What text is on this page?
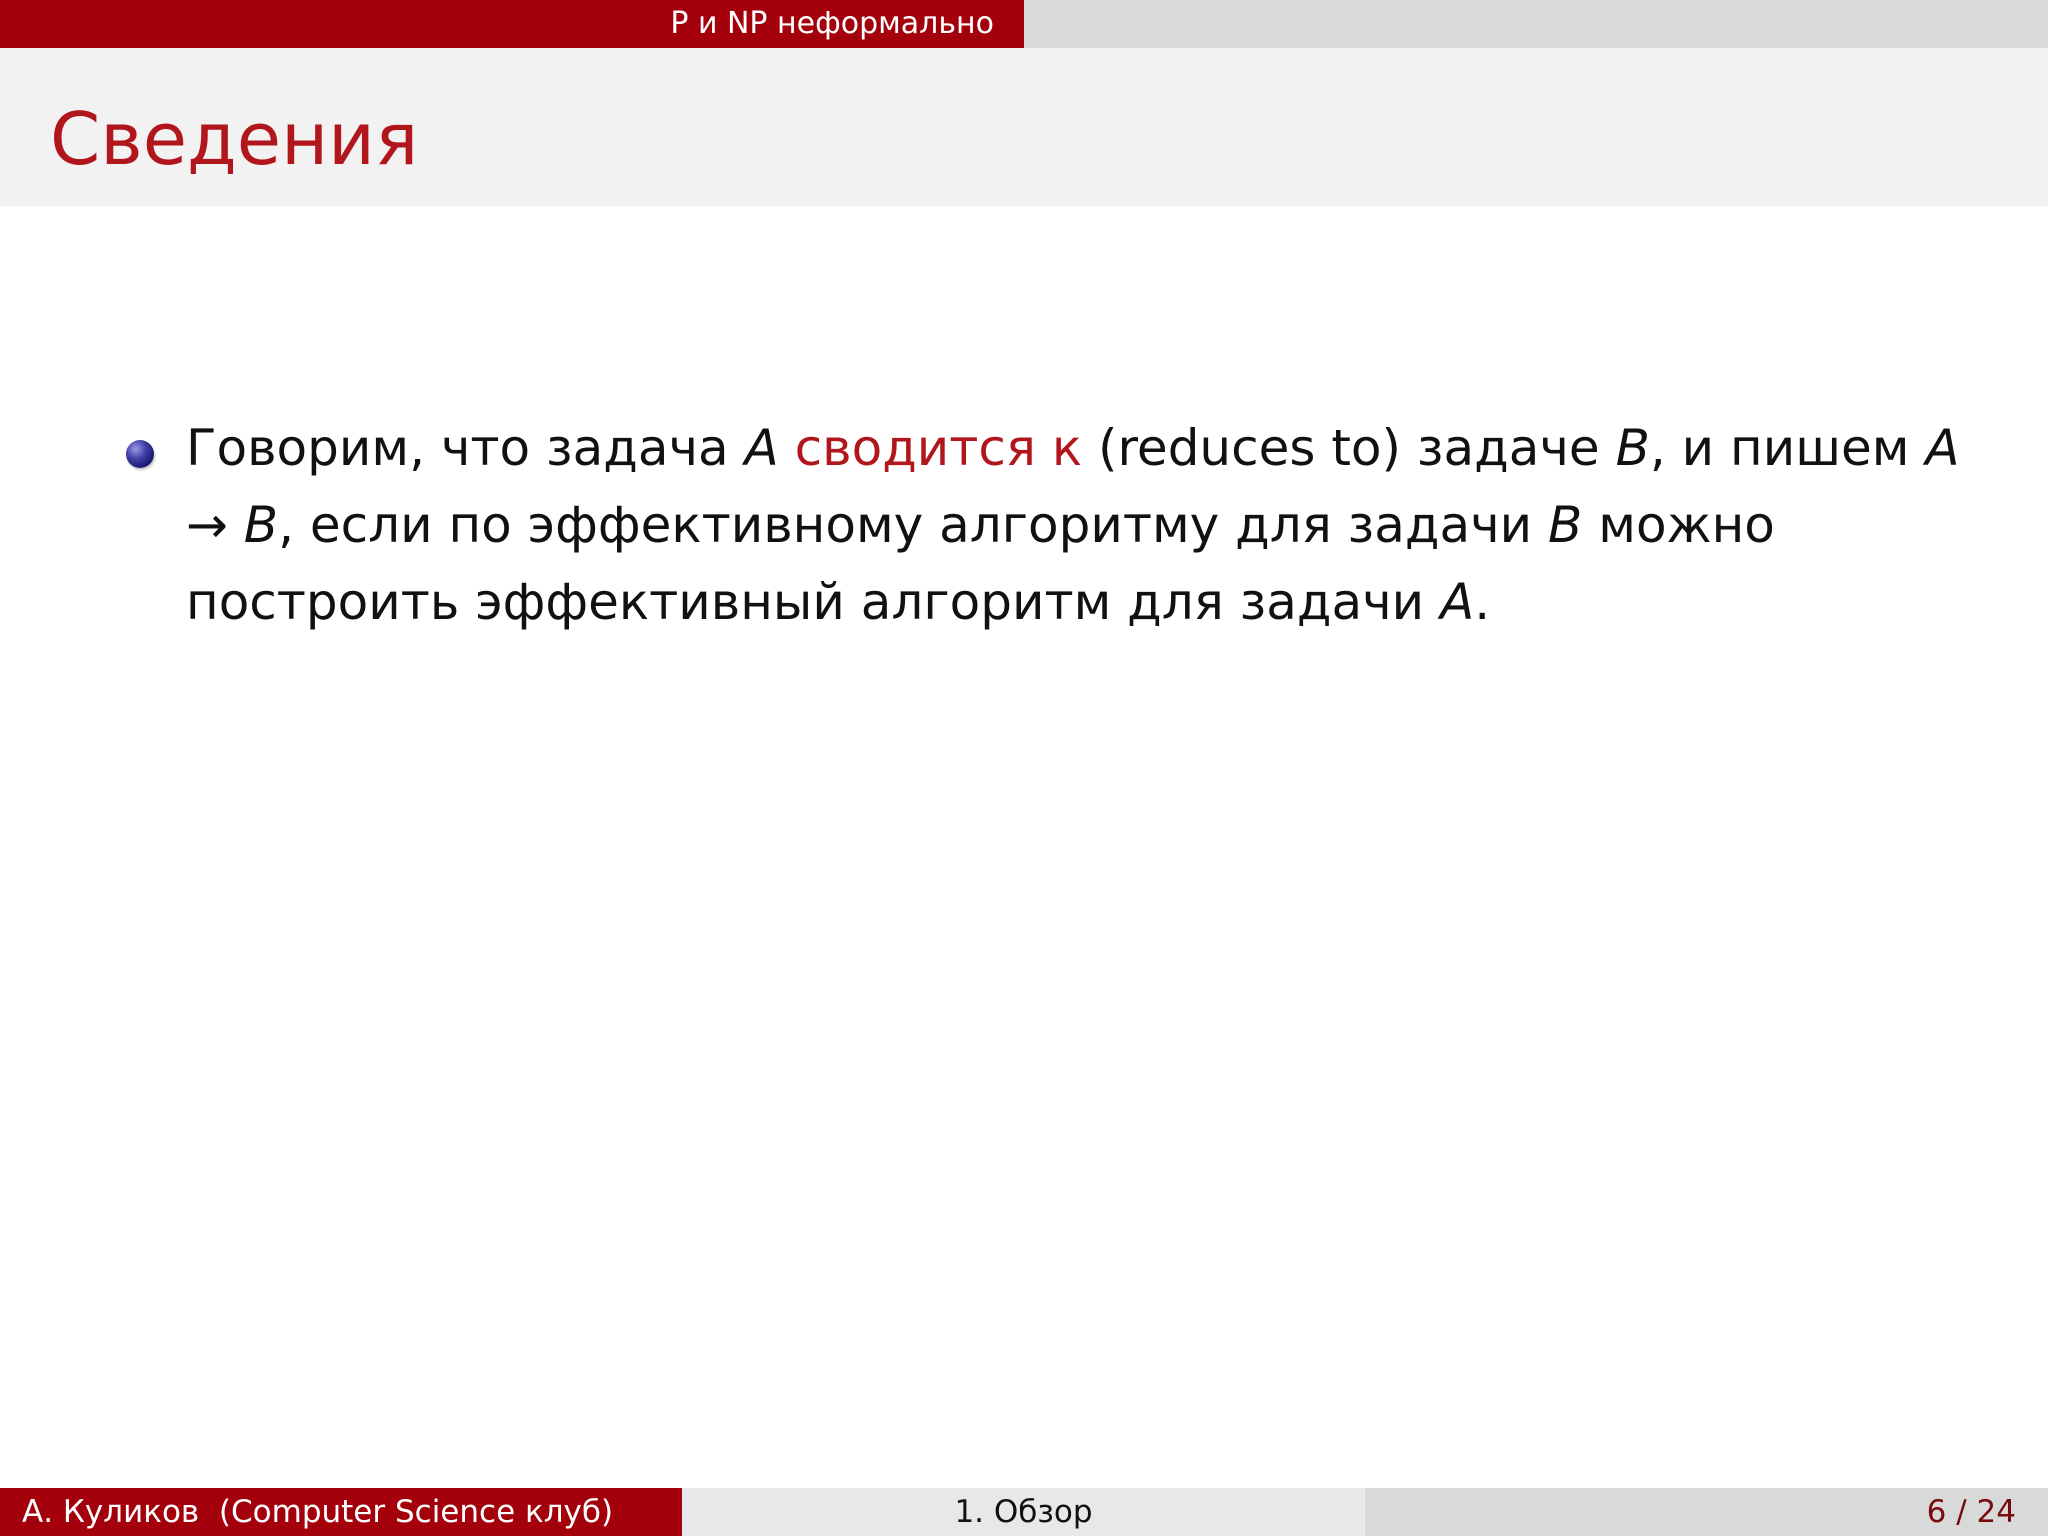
P и NP неформально
Сведения
Говорим, что задача A сводится к (reduces to) задаче B, и пишем A → B, если по эффективному алгоритму для задачи B можно построить эффективный алгоритм для задачи A.
А. Куликов (Computer Science клуб)	1. Обзор	6 / 24
